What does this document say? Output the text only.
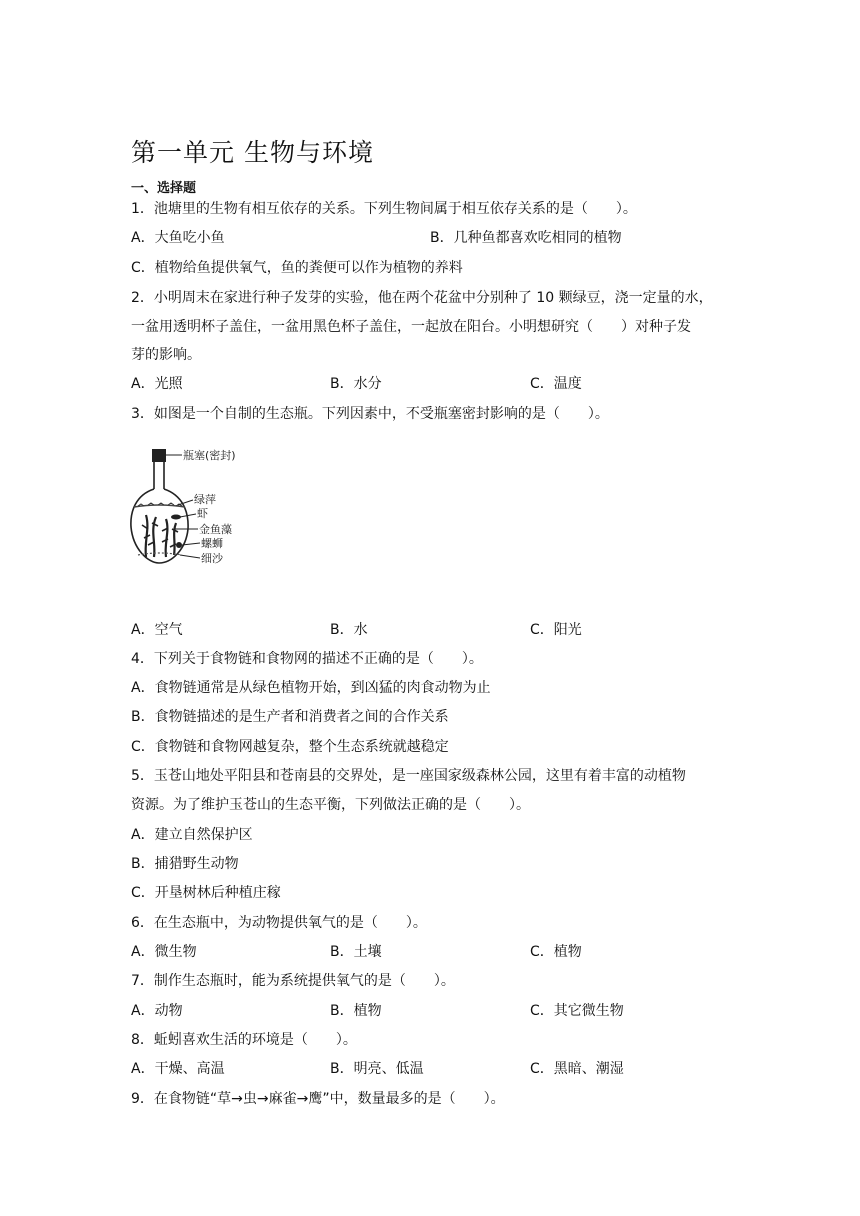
第一单元 生物与环境
一、选择题
1．池塘里的生物有相互依存的关系。下列生物间属于相互依存关系的是（　　）。
A．大鱼吃小鱼	B．几种鱼都喜欢吃相同的植物
C．植物给鱼提供氧气，鱼的粪便可以作为植物的养料
2．小明周末在家进行种子发芽的实验，他在两个花盆中分别种了 10 颗绿豆，浇一定量的水，
一盆用透明杯子盖住，一盆用黑色杯子盖住，一起放在阳台。小明想研究（　　）对种子发
芽的影响。
A．光照	B．水分	C．温度
3．如图是一个自制的生态瓶。下列因素中，不受瓶塞密封影响的是（　　）。
瓶塞(密封)
绿萍
虾
金鱼藻
螺蛳
细沙
A．空气	B．水	C．阳光
4．下列关于食物链和食物网的描述不正确的是（　　）。
A．食物链通常是从绿色植物开始，到凶猛的肉食动物为止
B．食物链描述的是生产者和消费者之间的合作关系
C．食物链和食物网越复杂，整个生态系统就越稳定
5．玉苍山地处平阳县和苍南县的交界处，是一座国家级森林公园，这里有着丰富的动植物
资源。为了维护玉苍山的生态平衡，下列做法正确的是（　　）。
A．建立自然保护区
B．捕猎野生动物
C．开垦树林后种植庄稼
6．在生态瓶中，为动物提供氧气的是（　　）。
A．微生物	B．土壤	C．植物
7．制作生态瓶时，能为系统提供氧气的是（　　）。
A．动物	B．植物	C．其它微生物
8．蚯蚓喜欢生活的环境是（　　）。
A．干燥、高温	B．明亮、低温	C．黑暗、潮湿
9．在食物链“草→虫→麻雀→鹰”中，数量最多的是（　　）。
